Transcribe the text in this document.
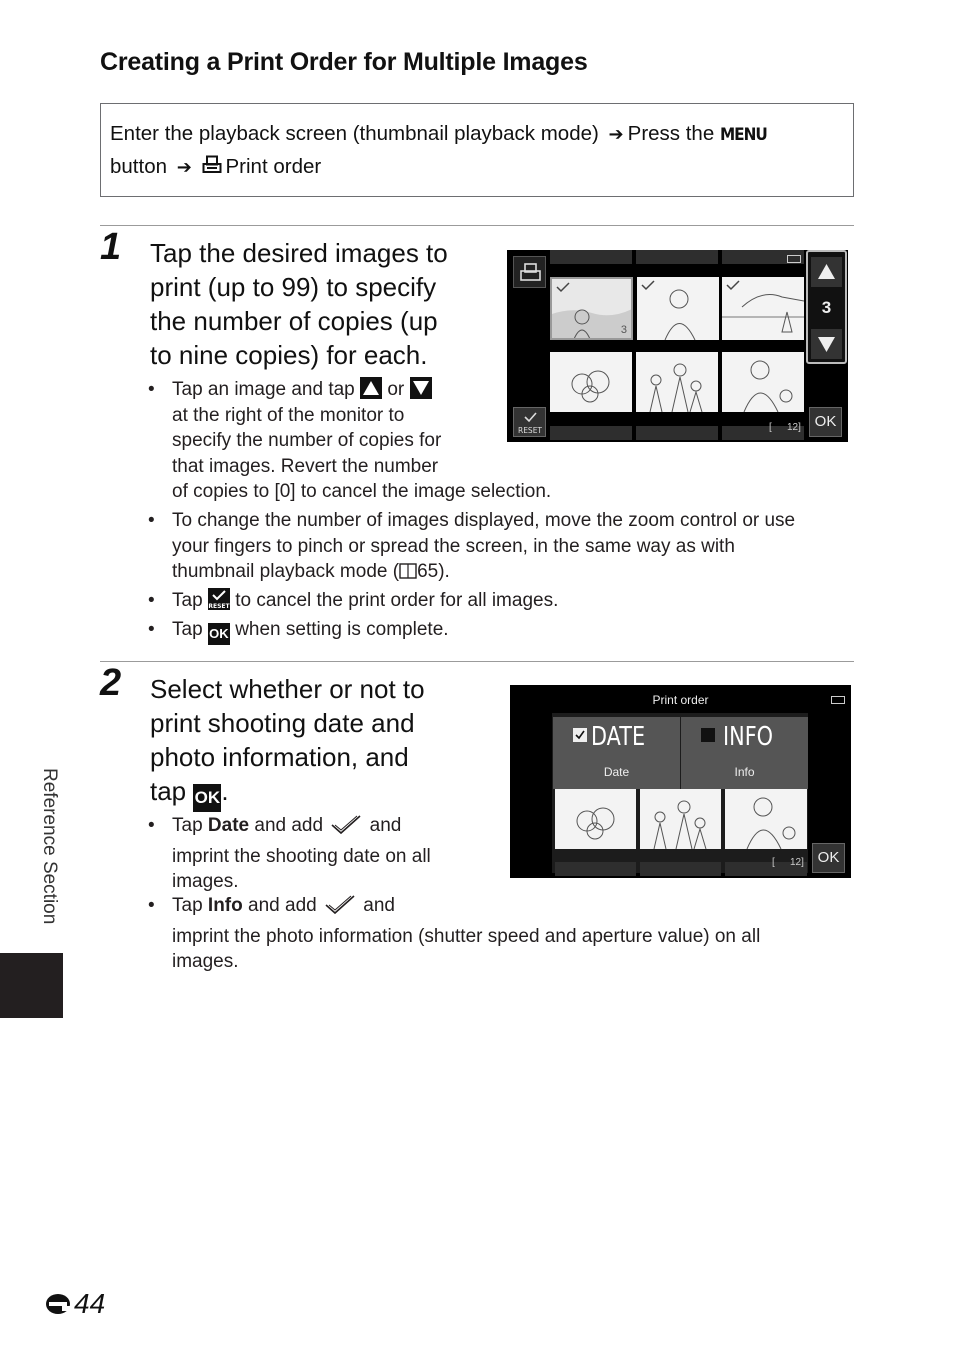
Creating a Print Order for Multiple Images
Enter the playback screen (thumbnail playback mode) ➔ Press the MENU
button ➔ Print order
1 Tap the desired images to
print (up to 99) to specify
the number of copies (up
to nine copies) for each.
• Tap an image and tap or
at the right of the monitor to
specify the number of copies for
that images. Revert the number
of copies to [0] to cancel the image selection.
• To change the number of images displayed, move the zoom control or use
your fingers to pinch or spread the screen, in the same way as with
thumbnail playback mode ( 65).
• Tap RESET to cancel the print order for all images.
• Tap OK when setting is complete.
3
[ 12]
RESET
3
OK
2 Select whether or not to
print shooting date and
photo information, and
tap OK.
• Tap Date and add and
imprint the shooting date on all
images.
• Tap Info and add and
imprint the photo information (shutter speed and aperture value) on all
images.
Print order
DATE
Date
INFO
Info
[ 12] OK
Reference Section
44
